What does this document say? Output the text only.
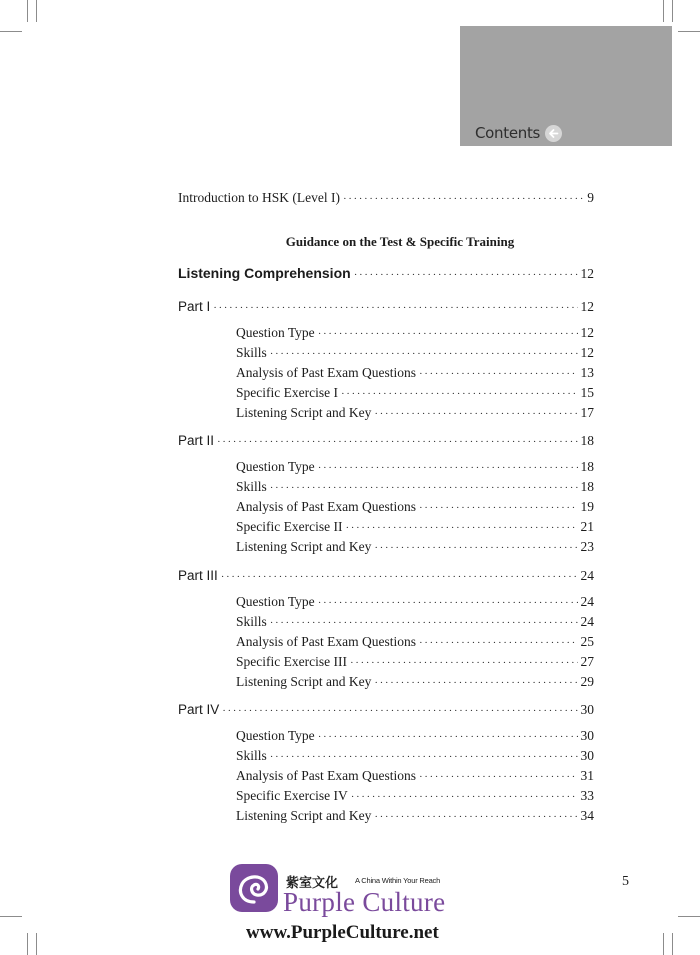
Contents
Introduction to HSK (Level I) ·····	9
Guidance on the Test & Specific Training
Listening Comprehension ·····	12
Part I ·····	12
Question Type ·····	12
Skills ·····	12
Analysis of Past Exam Questions ·····	13
Specific Exercise I ·····	15
Listening Script and Key ·····	17
Part II ·····	18
Question Type ·····	18
Skills ·····	18
Analysis of Past Exam Questions ·····	19
Specific Exercise II ·····	21
Listening Script and Key ·····	23
Part III ·····	24
Question Type ·····	24
Skills ·····	24
Analysis of Past Exam Questions ·····	25
Specific Exercise III ·····	27
Listening Script and Key ·····	29
Part IV ·····	30
Question Type ·····	30
Skills ·····	30
Analysis of Past Exam Questions ·····	31
Specific Exercise IV ·····	33
Listening Script and Key ·····	34
5
紫室文化 A China Within Your Reach
Purple Culture
www.PurpleCulture.net
